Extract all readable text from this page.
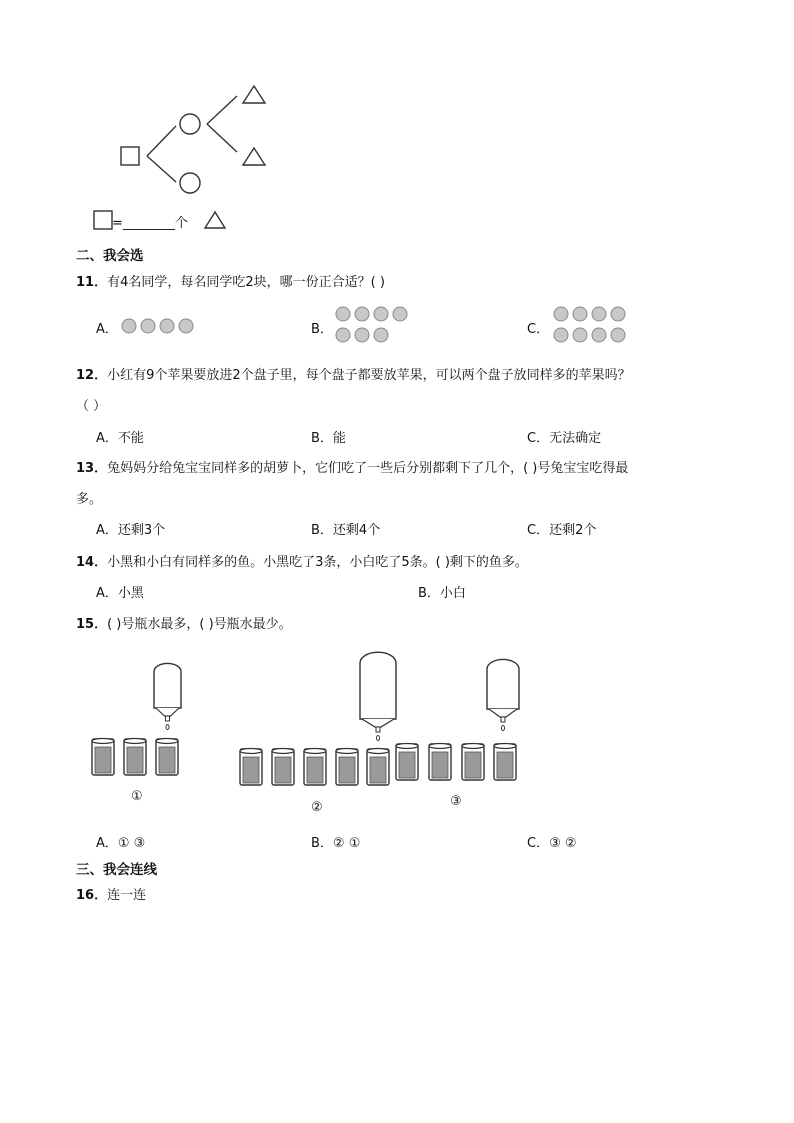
=________个
二、我会选
11．有4名同学，每名同学吃2块，哪一份正合适？( )
A．	B．	C．
12．小红有9个苹果要放进2个盘子里，每个盘子都要放苹果，可以两个盘子放同样多的苹果吗？
（ ）
A．不能	B．能	C．无法确定
13．兔妈妈分给兔宝宝同样多的胡萝卜，它们吃了一些后分别都剩下了几个，( )号兔宝宝吃得最
多。
A．还剩3个	B．还剩4个	C．还剩2个
14．小黑和小白有同样多的鱼。小黑吃了3条，小白吃了5条。( )剩下的鱼多。
A．小黑	B．小白
15．( )号瓶水最多，( )号瓶水最少。
①
②	③
A．① ③	B．② ①	C．③ ②
三、我会连线
16．连一连
